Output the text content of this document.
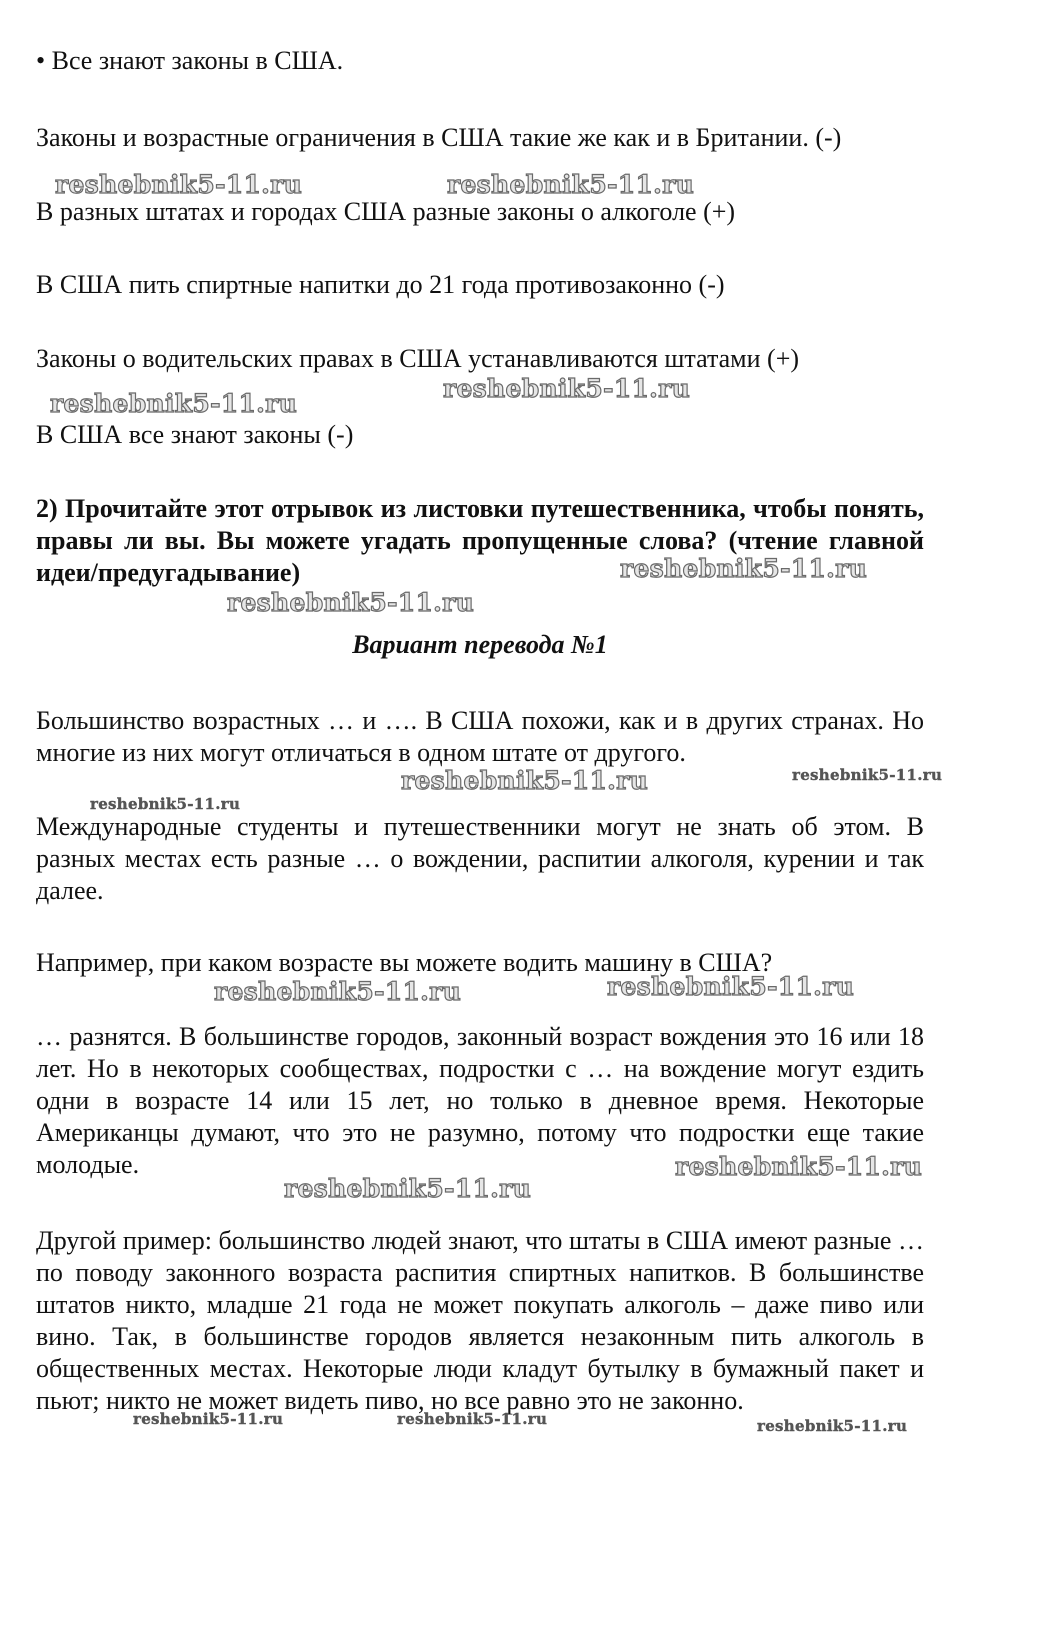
• Все знают законы в США.

Законы и возрастные ограничения в США такие же как и в Британии. (-)

В разных штатах и городах США разные законы о алкоголе (+)

В США пить спиртные напитки до 21 года противозаконно (-)

Законы о водительских правах в США устанавливаются штатами (+)

В США все знают законы (-)

2) Прочитайте этот отрывок из листовки путешественника, чтобы понять, правы ли вы. Вы можете угадать пропущенные слова? (чтение главной идеи/предугадывание)

Вариант перевода №1

Большинство возрастных … и …. В США похожи, как и в других странах. Но многие из них могут отличаться в одном штате от другого.

Международные студенты и путешественники могут не знать об этом. В разных местах есть разные … о вождении, распитии алкоголя, курении и так далее.

Например, при каком возрасте вы можете водить машину в США?

… разнятся. В большинстве городов, законный возраст вождения это 16 или 18 лет. Но в некоторых сообществах, подростки с … на вождение могут ездить одни в возрасте 14 или 15 лет, но только в дневное время. Некоторые Американцы думают, что это не разумно, потому что подростки еще такие молодые.

Другой пример: большинство людей знают, что штаты в США имеют разные … по поводу законного возраста распития спиртных напитков. В большинстве штатов никто, младше 21 года не может покупать алкоголь – даже пиво или вино. Так, в большинстве городов является незаконным пить алкоголь в общественных местах. Некоторые люди кладут бутылку в бумажный пакет и пьют; никто не может видеть пиво, но все равно это не законно.

reshebnik5-11.ru	reshebnik5-11.ru
reshebnik5-11.ru
reshebnik5-11.ru
reshebnik5-11.ru
reshebnik5-11.ru
reshebnik5-11.ru	reshebnik5-11.ru
reshebnik5-11.ru
reshebnik5-11.ru	reshebnik5-11.ru
reshebnik5-11.ru
reshebnik5-11.ru
reshebnik5-11.ru	reshebnik5-11.ru	reshebnik5-11.ru
